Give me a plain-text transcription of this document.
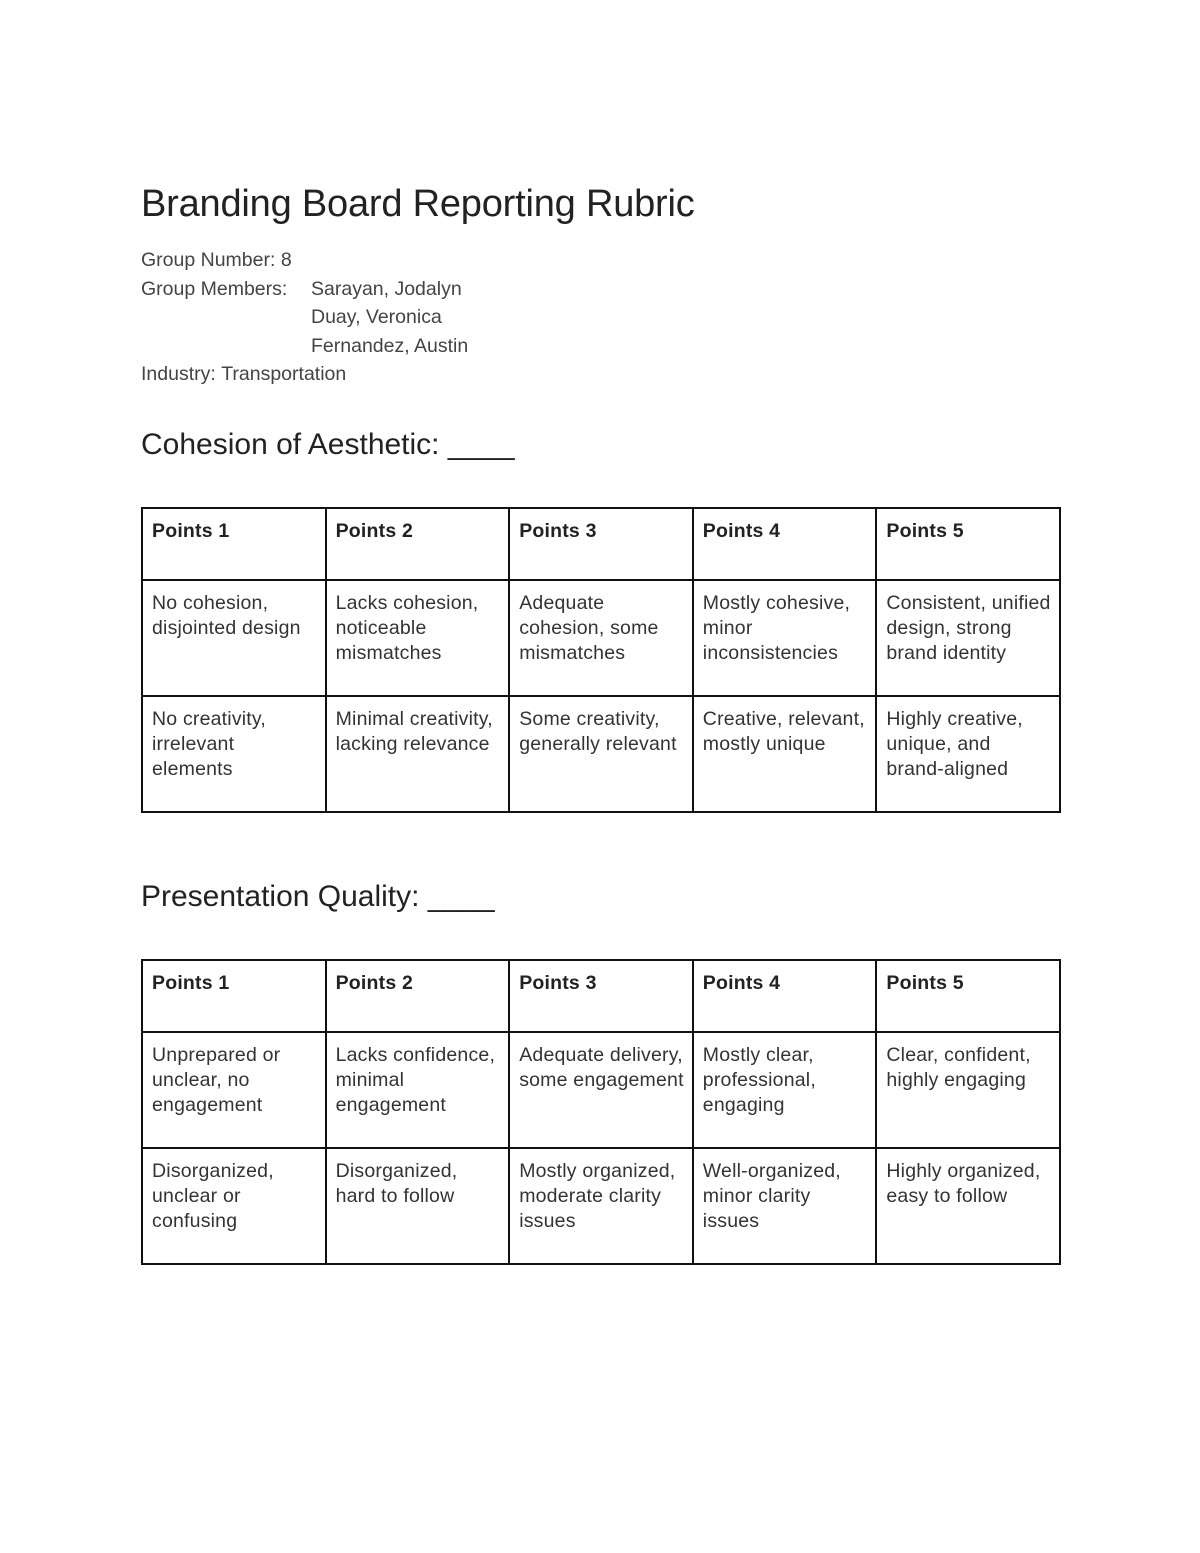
Branding Board Reporting Rubric
Group Number:
8
Group Members:	Sarayan, Jodalyn
Duay, Veronica
Fernandez, Austin
Industry:
Transportation
Cohesion of Aesthetic: ____
Points 1	Points 2	Points 3	Points 4	Points 5
No cohesion, disjointed design	Lacks cohesion, noticeable mismatches	Adequate cohesion, some mismatches	Mostly cohesive, minor inconsistencies	Consistent, unified design, strong brand identity
No creativity, irrelevant elements	Minimal creativity, lacking relevance	Some creativity, generally relevant	Creative, relevant, mostly unique	Highly creative, unique, and brand-aligned
Presentation Quality: ____
Points 1	Points 2	Points 3	Points 4	Points 5
Unprepared or unclear, no engagement	Lacks confidence, minimal engagement	Adequate delivery, some engagement	Mostly clear, professional, engaging	Clear, confident, highly engaging
Disorganized, unclear or confusing	Disorganized, hard to follow	Mostly organized, moderate clarity issues	Well-organized, minor clarity issues	Highly organized, easy to follow
